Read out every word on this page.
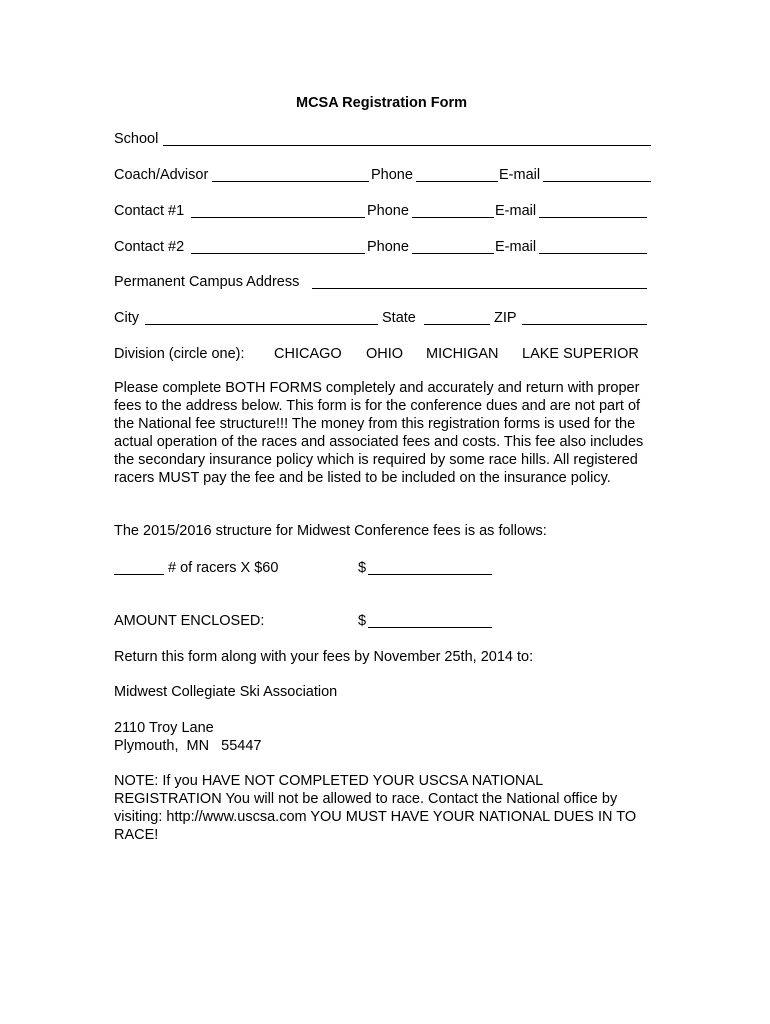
MCSA Registration Form
School
Coach/Advisor	Phone	E-mail
Contact #1	Phone	E-mail
Contact #2	Phone	E-mail
Permanent Campus Address
City	State	ZIP
Division (circle one): CHICAGO OHIO MICHIGAN LAKE SUPERIOR
Please complete BOTH FORMS completely and accurately and return with proper fees to the address below. This form is for the conference dues and are not part of the National fee structure!!! The money from this registration forms is used for the actual operation of the races and associated fees and costs. This fee also includes the secondary insurance policy which is required by some race hills. All registered racers MUST pay the fee and be listed to be included on the insurance policy.
The 2015/2016 structure for Midwest Conference fees is as follows:
# of racers X $60	$
AMOUNT ENCLOSED:	$
Return this form along with your fees by November 25th, 2014 to:
Midwest Collegiate Ski Association
2110 Troy Lane
Plymouth,  MN   55447
NOTE: If you HAVE NOT COMPLETED YOUR USCSA NATIONAL REGISTRATION You will not be allowed to race. Contact the National office by visiting: http://www.uscsa.com YOU MUST HAVE YOUR NATIONAL DUES IN TO RACE!
